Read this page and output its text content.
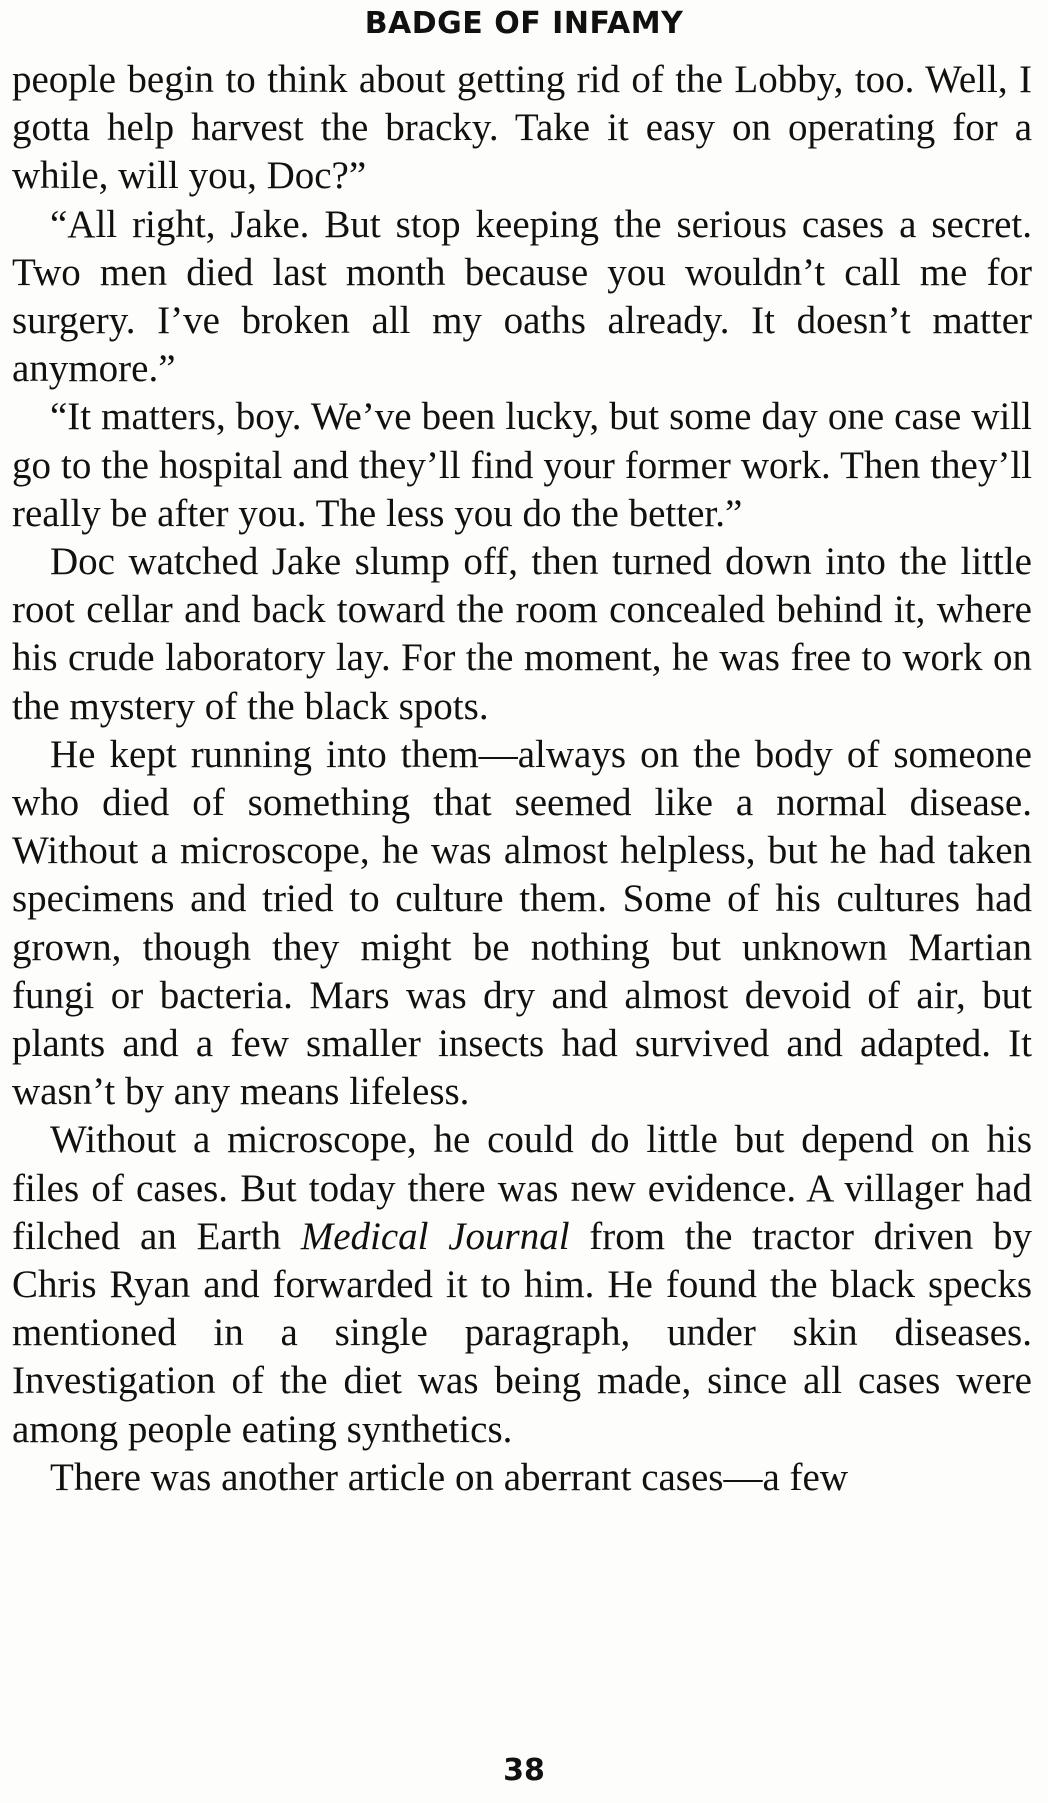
BADGE OF INFAMY

people begin to think about getting rid of the Lobby, too. Well, I gotta help harvest the bracky. Take it easy on operating for a while, will you, Doc?”

“All right, Jake. But stop keeping the serious cases a secret. Two men died last month because you wouldn’t call me for surgery. I’ve broken all my oaths already. It doesn’t matter anymore.”

“It matters, boy. We’ve been lucky, but some day one case will go to the hospital and they’ll find your former work. Then they’ll really be after you. The less you do the better.”

Doc watched Jake slump off, then turned down into the little root cellar and back toward the room concealed behind it, where his crude laboratory lay. For the moment, he was free to work on the mystery of the black spots.

He kept running into them—always on the body of someone who died of something that seemed like a normal disease. Without a microscope, he was almost helpless, but he had taken specimens and tried to culture them. Some of his cultures had grown, though they might be nothing but unknown Martian fungi or bacteria. Mars was dry and almost devoid of air, but plants and a few smaller insects had survived and adapted. It wasn’t by any means lifeless.

Without a microscope, he could do little but depend on his files of cases. But today there was new evidence. A villager had filched an Earth Medical Journal from the tractor driven by Chris Ryan and forwarded it to him. He found the black specks mentioned in a single paragraph, under skin diseases. Investigation of the diet was being made, since all cases were among people eating synthetics.

There was another article on aberrant cases—a few

38
